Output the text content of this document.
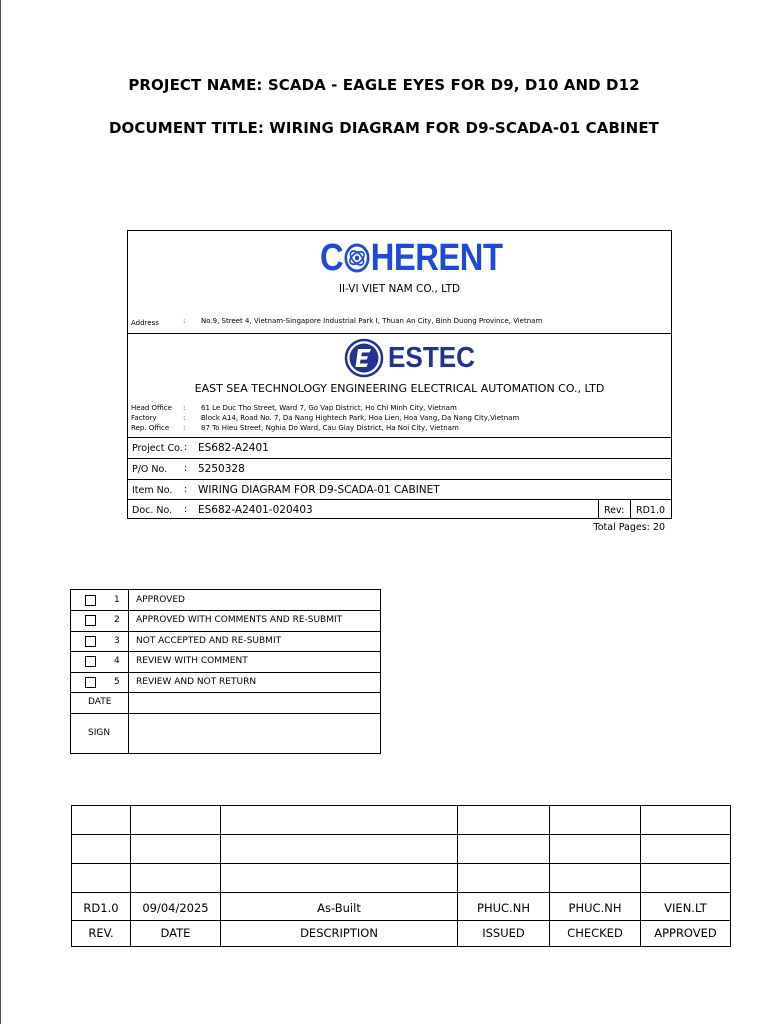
PROJECT NAME: SCADA - EAGLE EYES FOR D9, D10 AND D12
DOCUMENT TITLE: WIRING DIAGRAM FOR D9-SCADA-01 CABINET
C HERENT
II-VI VIET NAM CO., LTD
Address	: No.9, Street 4, Vietnam-Singapore Industrial Park I, Thuan An City, Binh Duong Province, Vietnam
ESTEC
EAST SEA TECHNOLOGY ENGINEERING ELECTRICAL AUTOMATION CO., LTD
Head Office : 61 Le Duc Tho Street, Ward 7, Go Vap District, Ho Chi Minh City, Vietnam
Factory	: Block A14, Road No. 7, Da Nang Hightech Park, Hoa Lien, Hoa Vang, Da Nang City,Vietnam
Rep. Office : 87 To Hieu Street, Nghia Do Ward, Cau Giay District, Ha Noi City, Vietnam
Project Co. : ES682-A2401
P/O No. : 5250328
Item No. : WIRING DIAGRAM FOR D9-SCADA-01 CABINET
Doc. No. : ES682-A2401-020403	Rev: RD1.0
Total Pages: 20
1 APPROVED
2 APPROVED WITH COMMENTS AND RE-SUBMIT
3 NOT ACCEPTED AND RE-SUBMIT
4 REVIEW WITH COMMENT
5 REVIEW AND NOT RETURN
DATE
SIGN
RD1.0	09/04/2025	As-Built	PHUC.NH	PHUC.NH	VIEN.LT
REV.	DATE	DESCRIPTION	ISSUED	CHECKED	APPROVED
